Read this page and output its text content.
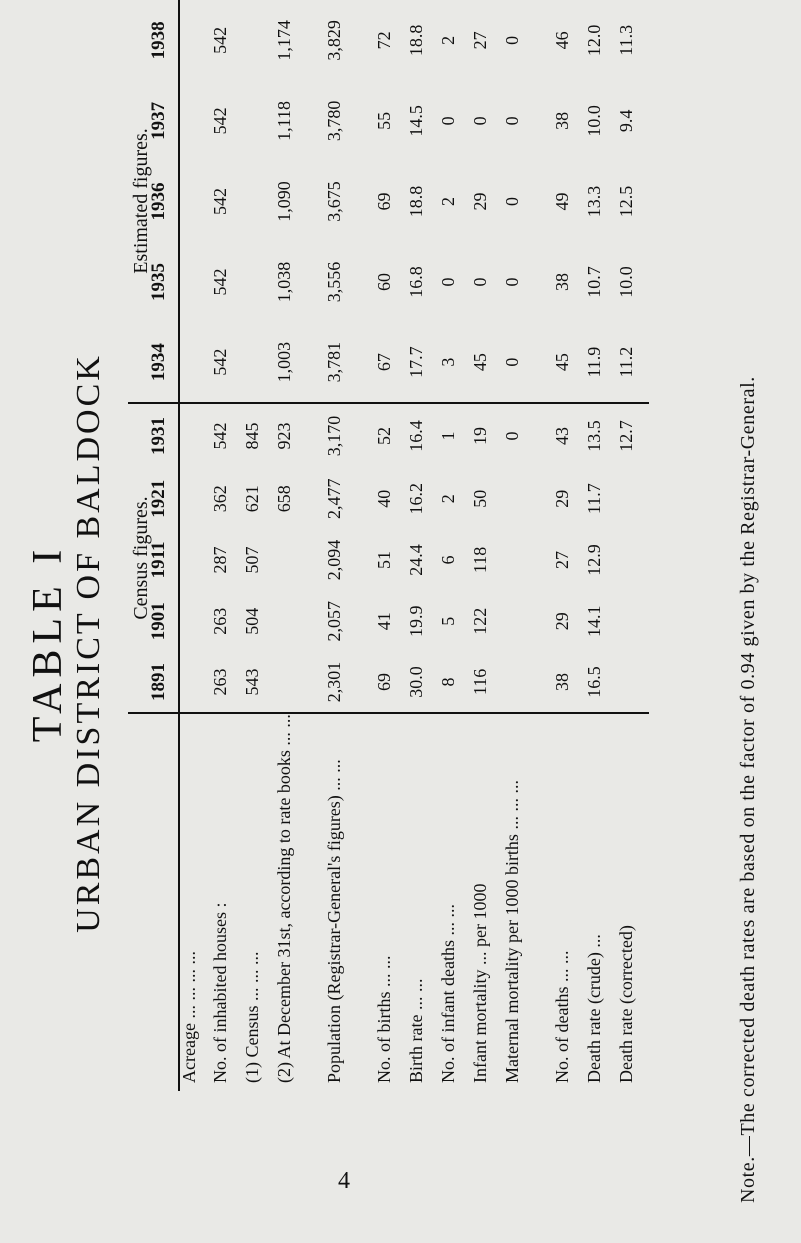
TABLE I URBAN DISTRICT OF BALDOCK
	Census figures.					Estimated figures.				
	1891	1901	1911	1921	1931	1934	1935	1936	1937	1938
Acreage ... ... ... ...										
No. of inhabited houses :	263	263	287	362	542	542	542	542	542	542
(1) Census ... ... ...	543	504	507	621	845					
(2) At December 31st, according to rate books ... ...				658	923	1,003	1,038	1,090	1,118	1,174
Population (Registrar-General's figures) ... ...	2,301	2,057	2,094	2,477	3,170	3,781	3,556	3,675	3,780	3,829
No. of births ... ...	69	41	51	40	52	67	60	69	55	72
Birth rate ... ...	30.0	19.9	24.4	16.2	16.4	17.7	16.8	18.8	14.5	18.8
No. of infant deaths ... ...	8	5	6	2	1	3	0	2	0	2
Infant mortality ... per 1000	116	122	118	50	19	45	0	29	0	27
Maternal mortality per 1000 births ... ... ...					0	0	0	0	0	0
No. of deaths ... ...	38	29	27	29	43	45	38	49	38	46
Death rate (crude) ...	16.5	14.1	12.9	11.7	13.5	11.9	10.7	13.3	10.0	12.0
Death rate (corrected)					12.7	11.2	10.0	12.5	9.4	11.3
Note.—The corrected death rates are based on the factor of 0.94 given by the Registrar-General.
4
